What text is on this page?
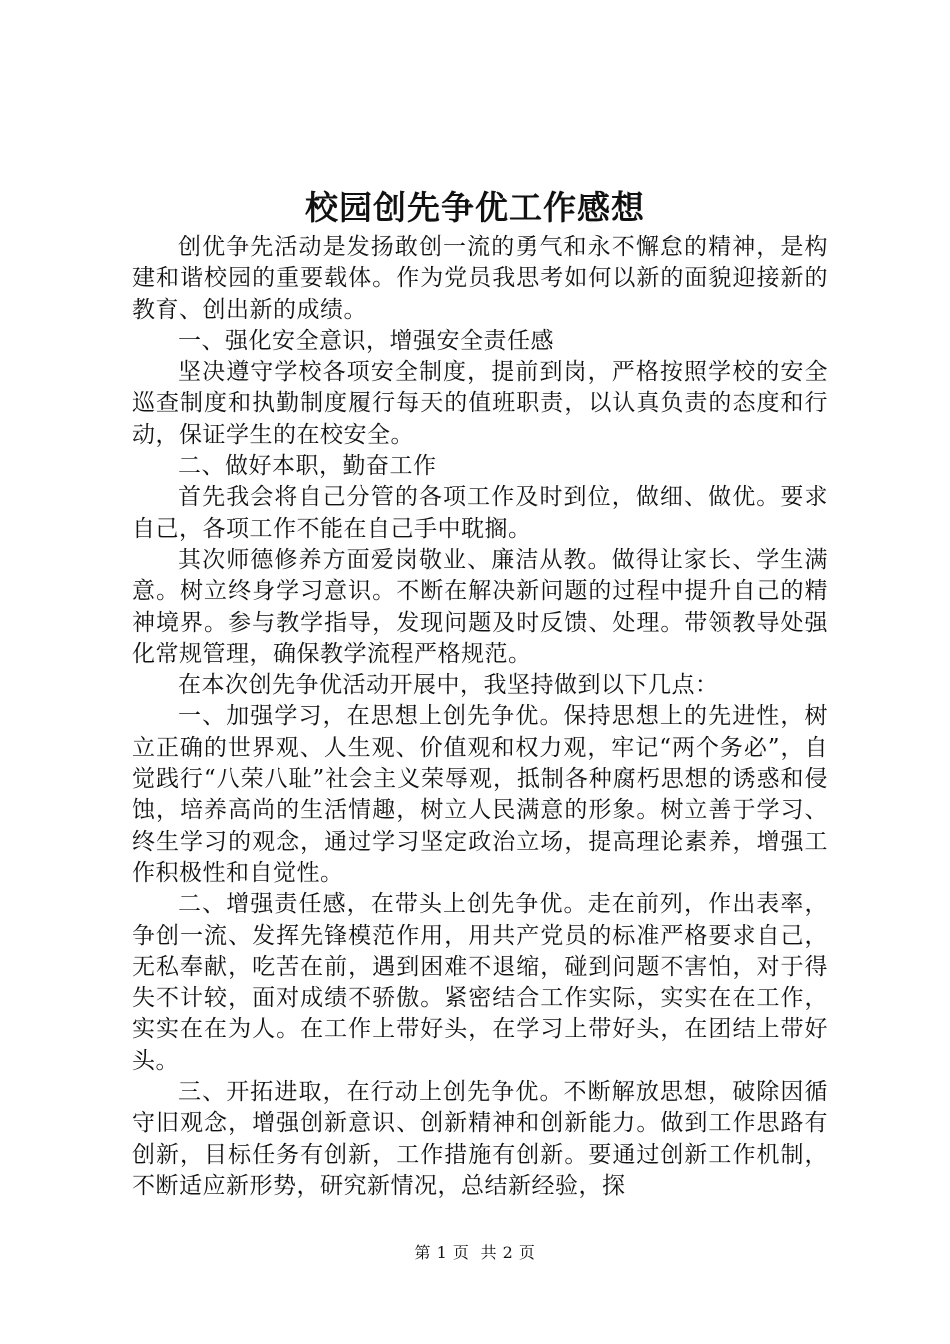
校园创先争优工作感想

创优争先活动是发扬敢创一流的勇气和永不懈怠的精神，是构建和谐校园的重要载体。作为党员我思考如何以新的面貌迎接新的教育、创出新的成绩。

一、强化安全意识，增强安全责任感

坚决遵守学校各项安全制度，提前到岗，严格按照学校的安全巡查制度和执勤制度履行每天的值班职责，以认真负责的态度和行动，保证学生的在校安全。

二、做好本职，勤奋工作

首先我会将自己分管的各项工作及时到位，做细、做优。要求自己，各项工作不能在自己手中耽搁。

其次师德修养方面爱岗敬业、廉洁从教。做得让家长、学生满意。树立终身学习意识。不断在解决新问题的过程中提升自己的精神境界。参与教学指导，发现问题及时反馈、处理。带领教导处强化常规管理，确保教学流程严格规范。

在本次创先争优活动开展中，我坚持做到以下几点：

一、加强学习，在思想上创先争优。保持思想上的先进性，树立正确的世界观、人生观、价值观和权力观，牢记“两个务必”，自觉践行“八荣八耻”社会主义荣辱观，抵制各种腐朽思想的诱惑和侵蚀，培养高尚的生活情趣，树立人民满意的形象。树立善于学习、终生学习的观念，通过学习坚定政治立场，提高理论素养，增强工作积极性和自觉性。

二、增强责任感，在带头上创先争优。走在前列，作出表率，争创一流、发挥先锋模范作用，用共产党员的标准严格要求自己，无私奉献，吃苦在前，遇到困难不退缩，碰到问题不害怕，对于得失不计较，面对成绩不骄傲。紧密结合工作实际，实实在在工作，实实在在为人。在工作上带好头，在学习上带好头，在团结上带好头。

三、开拓进取，在行动上创先争优。不断解放思想，破除因循守旧观念，增强创新意识、创新精神和创新能力。做到工作思路有创新，目标任务有创新，工作措施有创新。要通过创新工作机制，不断适应新形势，研究新情况，总结新经验，探

第 1 页  共 2 页
